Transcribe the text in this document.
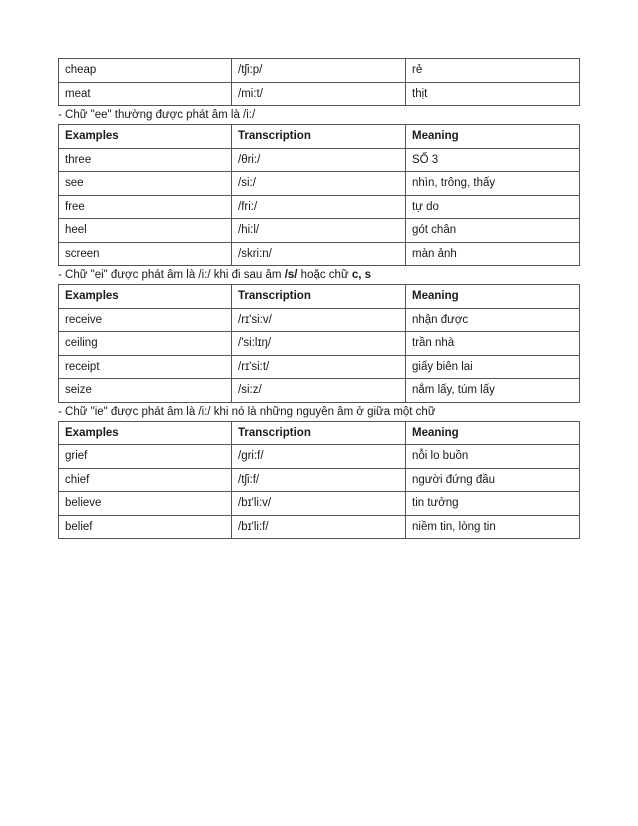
cheap	/tʃi:p/	rẻ
meat	/mi:t/	thịt
- Chữ "ee" thường được phát âm là /i:/
Examples	Transcription	Meaning
three	/θri:/	SỐ 3
see	/si:/	nhìn, trông, thấy
free	/fri:/	tự do
heel	/hi:l/	gót chân
screen	/skri:n/	màn ảnh
- Chữ "ei" được phát âm là /i:/ khi đi sau âm /s/ hoặc chữ c, s
Examples	Transcription	Meaning
receive	/rɪ'si:v/	nhận được
ceiling	/'si:lɪŋ/	trần nhà
receipt	/rɪ'si:t/	giấy biên lai
seize	/si:z/	nắm lấy, túm lấy
- Chữ "ie" được phát âm là /i:/ khi nó là những nguyên âm ở giữa một chữ
Examples	Transcription	Meaning
grief	/gri:f/	nỗi lo buồn
chief	/tʃi:f/	người đứng đầu
believe	/bɪ'li:v/	tin tưởng
belief	/bɪ'li:f/	niềm tin, lòng tin
